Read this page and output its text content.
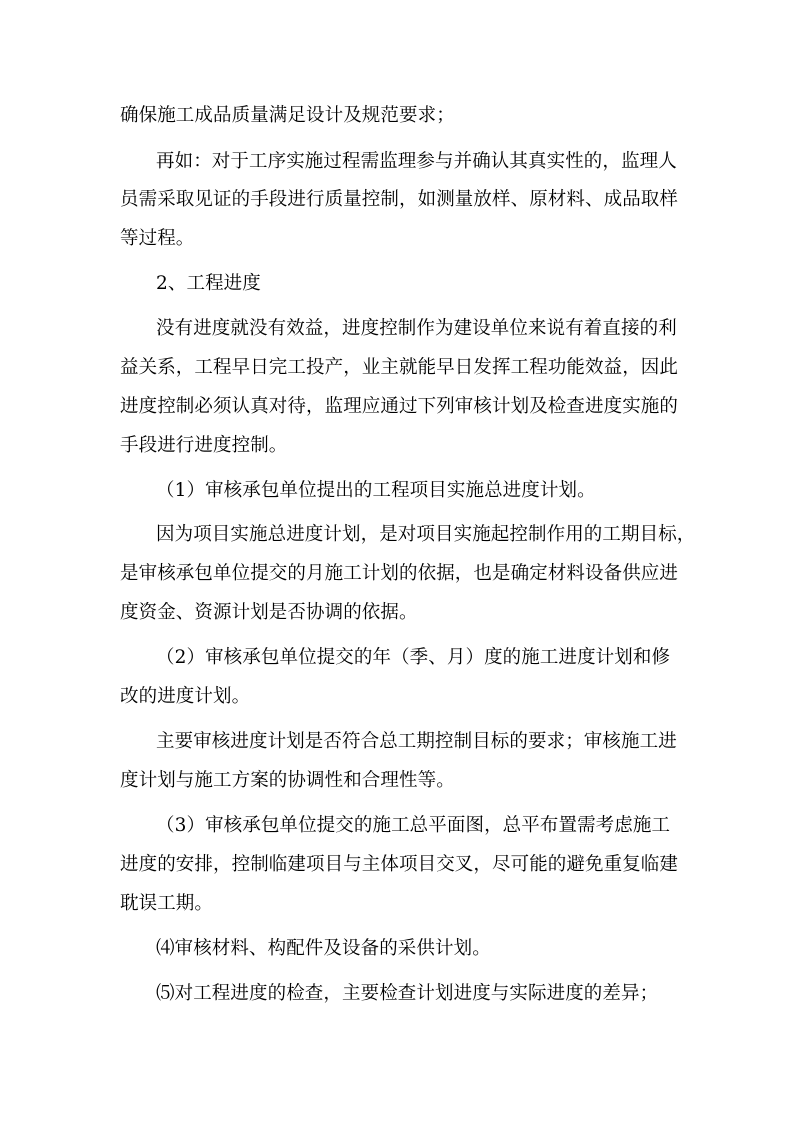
确保施工成品质量满足设计及规范要求；
再如：对于工序实施过程需监理参与并确认其真实性的，监理人
员需采取见证的手段进行质量控制，如测量放样、原材料、成品取样
等过程。
2、工程进度
没有进度就没有效益，进度控制作为建设单位来说有着直接的利
益关系，工程早日完工投产，业主就能早日发挥工程功能效益，因此
进度控制必须认真对待，监理应通过下列审核计划及检查进度实施的
手段进行进度控制。
（1）审核承包单位提出的工程项目实施总进度计划。
因为项目实施总进度计划，是对项目实施起控制作用的工期目标，
是审核承包单位提交的月施工计划的依据，也是确定材料设备供应进
度资金、资源计划是否协调的依据。
（2）审核承包单位提交的年（季、月）度的施工进度计划和修
改的进度计划。
主要审核进度计划是否符合总工期控制目标的要求；审核施工进
度计划与施工方案的协调性和合理性等。
（3）审核承包单位提交的施工总平面图，总平布置需考虑施工
进度的安排，控制临建项目与主体项目交叉，尽可能的避免重复临建
耽误工期。
⑷审核材料、构配件及设备的采供计划。
⑸对工程进度的检查，主要检查计划进度与实际进度的差异；
